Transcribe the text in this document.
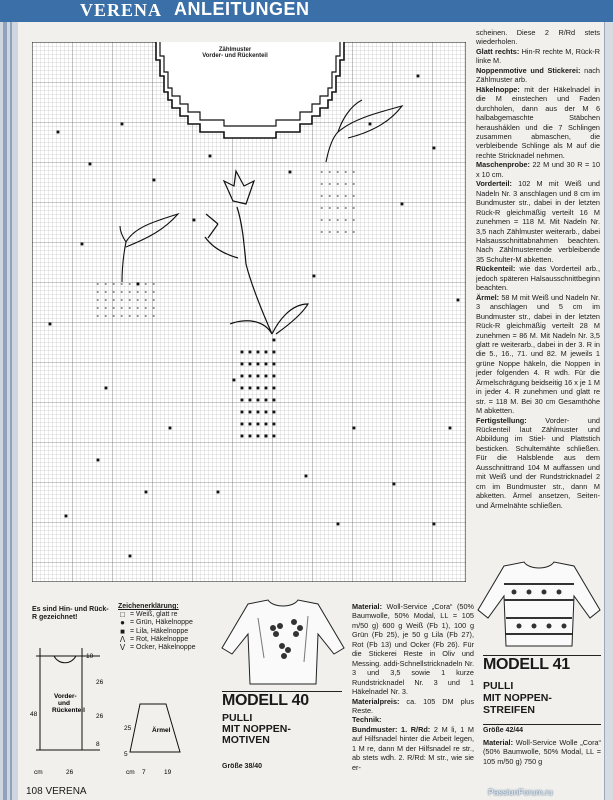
VERENA ANLEITUNGEN
× × × × × × × ×
× × × × × × × ×
× × × × × × × ×
× × × × × × × ×
× × × × × × × ×
× × × × ×
× × × × ×
× × × × ×
× × × × ×
× × × × ×
× × × × ×
Zählmuster
Vorder- und Rückenteil

scheinen. Diese 2 R/Rd stets wiederholen.

Glatt rechts: Hin-R rechte M, Rück-R linke M.

Noppenmotive und Stickerei: nach Zählmuster arb.

Häkelnoppe: mit der Häkelnadel in die M einstechen und Faden durchholen, dann aus der M 6 halbabgemaschte Stäbchen herausháklen und die 7 Schlingen zusammen abmaschen, die verbleibende Schlinge als M auf die rechte Stricknadel nehmen.

Maschenprobe: 22 M und 30 R = 10 x 10 cm.

Vorderteil: 102 M mit Weiß und Nadeln Nr. 3 anschlagen und 8 cm im Bundmuster str., dabei in der letzten Rück-R gleichmäßig verteilt 16 M zunehmen = 118 M. Mit Nadeln Nr. 3,5 nach Zählmuster weiterarb., dabei Halsausschnittabnahmen beachten. Nach Zählmusterende verbleibende 35 Schulter-M abketten.

Rückenteil: wie das Vorderteil arb., jedoch späteren Halsausschnittbeginn beachten.

Ärmel: 58 M mit Weiß und Nadeln Nr. 3 anschlagen und 5 cm im Bundmuster str., dabei in der letzten Rück-R gleichmäßig verteilt 28 M zunehmen = 86 M. Mit Nadeln Nr. 3,5 glatt re weiterarb., dabei in der 3. R in die 5., 16., 71. und 82. M jeweils 1 grüne Noppe häkeln, die Noppen in jeder folgenden 4. R wdh. Für die Ärmelschrägung beidseitig 16 x je 1 M in jeder 4. R zunehmen und glatt re str. = 118 M. Bei 30 cm Gesamthöhe M abketten.

Fertigstellung: Vorder- und Rückenteil laut Zählmuster und Abbildung im Stiel- und Plattstich besticken. Schultemähte schließen. Für die Halsblende aus dem Ausschnittrand 104 M auffassen und mit Weiß und der Rundstricknadel 2 cm im Bundmuster str., dann M abketten. Ärmel ansetzen, Seiten- und Ärmelnähte schließen.

Es sind Hin- und Rück-R gezeichnet!
Zeichenerklärung:
□ = Weiß, glatt re
● = Grün, Häkelnoppe
■ = Lila, Häkelnoppe
Λ = Rot, Häkelnoppe
V = Ocker, Häkelnoppe
Vorder-
und
Rückenteil
Ärmel
10
26
48	26
8
cm	26
25
5
cm 7	19
MODELL 40
PULLI
MIT NOPPEN-
MOTIVEN
Größe 38/40

Material: Woll-Service „Cora“ (50% Baumwolle, 50% Modal, LL = 105 m/50 g) 600 g Weiß (Fb 1), 100 g Grün (Fb 25), je 50 g Lila (Fb 27), Rot (Fb 13) und Ocker (Fb 26). Für die Stickerei Reste in Oliv und Messing. addi-Schnellstricknadeln Nr. 3 und 3,5 sowie 1 kurze Rundstricknadel Nr. 3 und 1 Häkelnadel Nr. 3.

Materialpreis: ca. 105 DM plus Reste.

Technik:

Bundmuster: 1. R/Rd: 2 M li, 1 M auf Hilfsnadel hinter die Arbeit legen, 1 M re, dann M der Hilfsnadel re str., ab stets wdh. 2. R/Rd: M str., wie sie er-

MODELL 41
PULLI
MIT NOPPEN-
STREIFEN
Größe 42/44
Material: Woll-Service Wolle „Cora“ (50% Baumwolle, 50% Modal, LL = 105 m/50 g) 750 g
108 VERENA	PassionForum.ru
